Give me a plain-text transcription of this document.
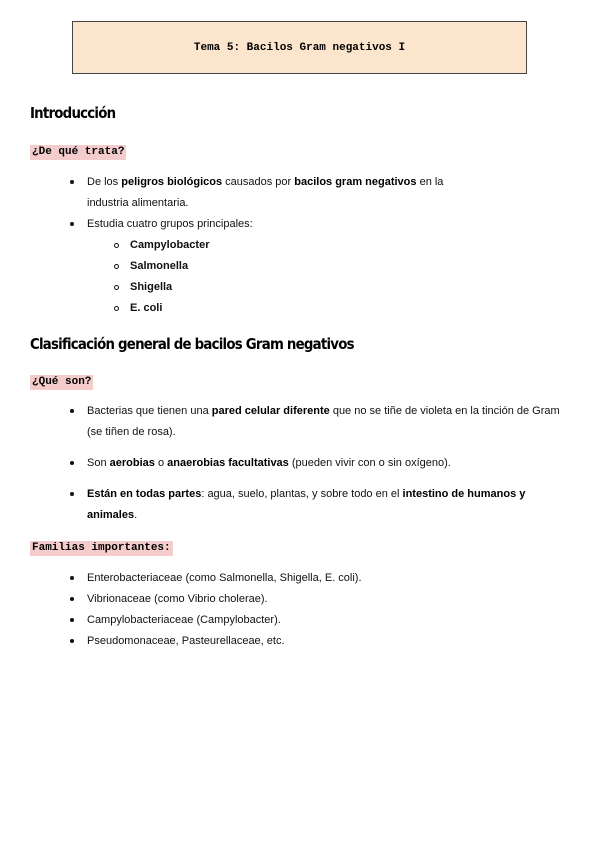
Tema 5: Bacilos Gram negativos I
Introducción
¿De qué trata?
De los peligros biológicos causados por bacilos gram negativos en la industria alimentaria.
Estudia cuatro grupos principales:
Campylobacter
Salmonella
Shigella
E. coli
Clasificación general de bacilos Gram negativos
¿Qué son?
Bacterias que tienen una pared celular diferente que no se tiñe de violeta en la tinción de Gram (se tiñen de rosa).
Son aerobias o anaerobias facultativas (pueden vivir con o sin oxígeno).
Están en todas partes: agua, suelo, plantas, y sobre todo en el intestino de humanos y animales.
Familias importantes:
Enterobacteriaceae (como Salmonella, Shigella, E. coli).
Vibrionaceae (como Vibrio cholerae).
Campylobacteriaceae (Campylobacter).
Pseudomonaceae, Pasteurellaceae, etc.
